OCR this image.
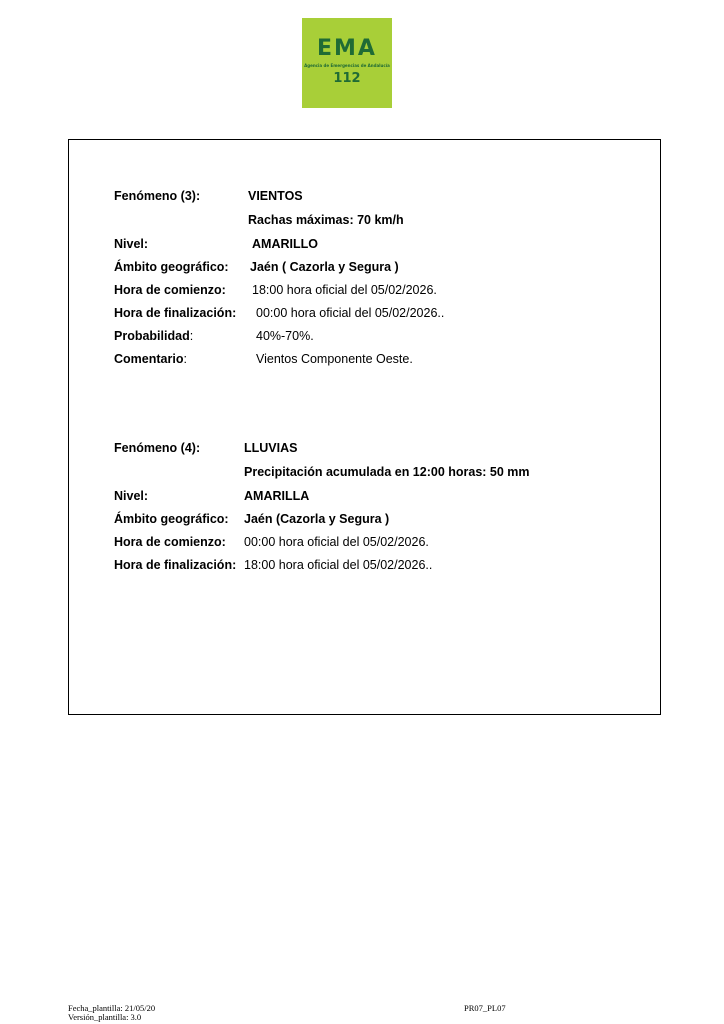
EMA
Agencia de Emergencias de Andalucía
112
Fenómeno (3):	VIENTOS
Rachas máximas: 70 km/h
Nivel:	AMARILLO
Ámbito geográfico: Jaén ( Cazorla y Segura )
Hora de comienzo: 18:00 hora oficial del 05/02/2026.
Hora de finalización: 00:00 hora oficial del 05/02/2026..
Probabilidad:	40%-70%.
Comentario:	Vientos Componente Oeste.
Fenómeno (4):	LLUVIAS
Precipitación acumulada en 12:00 horas: 50 mm
Nivel:	AMARILLA
Ámbito geográfico: Jaén (Cazorla y Segura )
Hora de comienzo: 00:00 hora oficial del 05/02/2026.
Hora de finalización: 18:00 hora oficial del 05/02/2026..
Fecha_plantilla: 21/05/20
Versión_plantilla: 3.0
PR07_PL07
